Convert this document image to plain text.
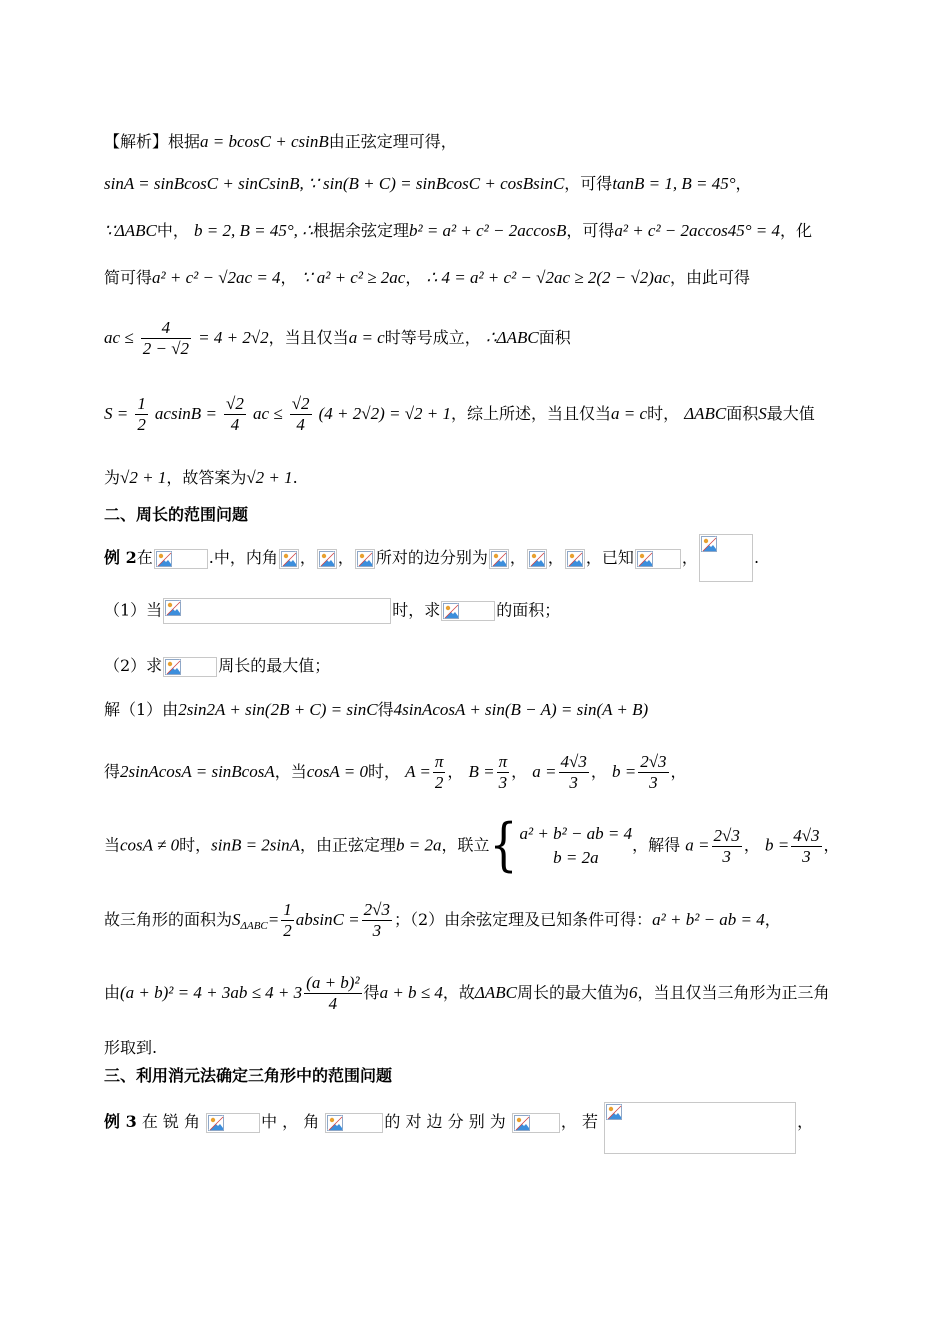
【解析】根据a = bcosC + csinB由正弦定理可得，
sinA = sinBcosC + sinCsinB, ∵ sin(B + C) = sinBcosC + cosBsinC，可得tanB = 1, B = 45°，
∵ΔABC中， b = 2, B = 45°, ∴根据余弦定理b² = a² + c² − 2accosB，可得a² + c² − 2accos45° = 4，化
简可得a² + c² − √2ac = 4， ∵ a² + c² ≥ 2ac， ∴ 4 = a² + c² − √2ac ≥ 2(2 − √2)ac，由此可得
ac ≤ $\frac{4}{2 - √2} = 4 + 2√2$，当且仅当a = c时等号成立， ∴ΔABC面积
$S = \frac{1}{2}$ $acsinB = \frac{√2}{4}$ ac ≤ $\frac{√2}{4} (4 + 2√2) = √2 + 1$，综上所述，当且仅当a = c时， ΔABC面积S最大值
为√2 + 1，故答案为√2 + 1.
二、周长的范围问题
例 2在	.中，内角 ， ， 所对的边分别为 ， ， ，已知	，	.
（1）当	时，求	的面积；
（2）求	周长的最大值；
解（1）由2sin2A + sin(2B + C) = sinC得4sinAcosA + sin(B − A) = sin(A + B)
得2sinAcosA = sinBcosA，当cosA = 0时， $A = \frac{\pi}{2}$ ， $B = \frac{\pi}{3}$ ， $a = \frac{4√3}{3}$ ， $b = \frac{2√3}{3}$ ，
当cosA ≠ 0时，sinB = 2sinA，由正弦定理b = 2a，联立{ a² + b² − ab = 4
b = 2a
，解得 $a = \frac{2√3}{3}$ ， $b = \frac{4√3}{3}$ ，
故三角形的面积为$S_{\Delta ABC}= \frac{1}{2}$ $absinC = \frac{2√3}{3}$ ；（2）由余弦定理及已知条件可得：a² + b² − ab = 4，
由$(a + b)^2 = 4 + 3ab \le 4 + 3 \frac{\text{(a + b)²}}{4}$ 得a + b ≤ 4，故ΔABC周长的最大值为6，当且仅当三角形为正三角
形取到.
三、利用消元法确定三角形中的范围问题
例 3 在 锐 角	中 ， 角	的 对 边 分 别 为	， 若	，
